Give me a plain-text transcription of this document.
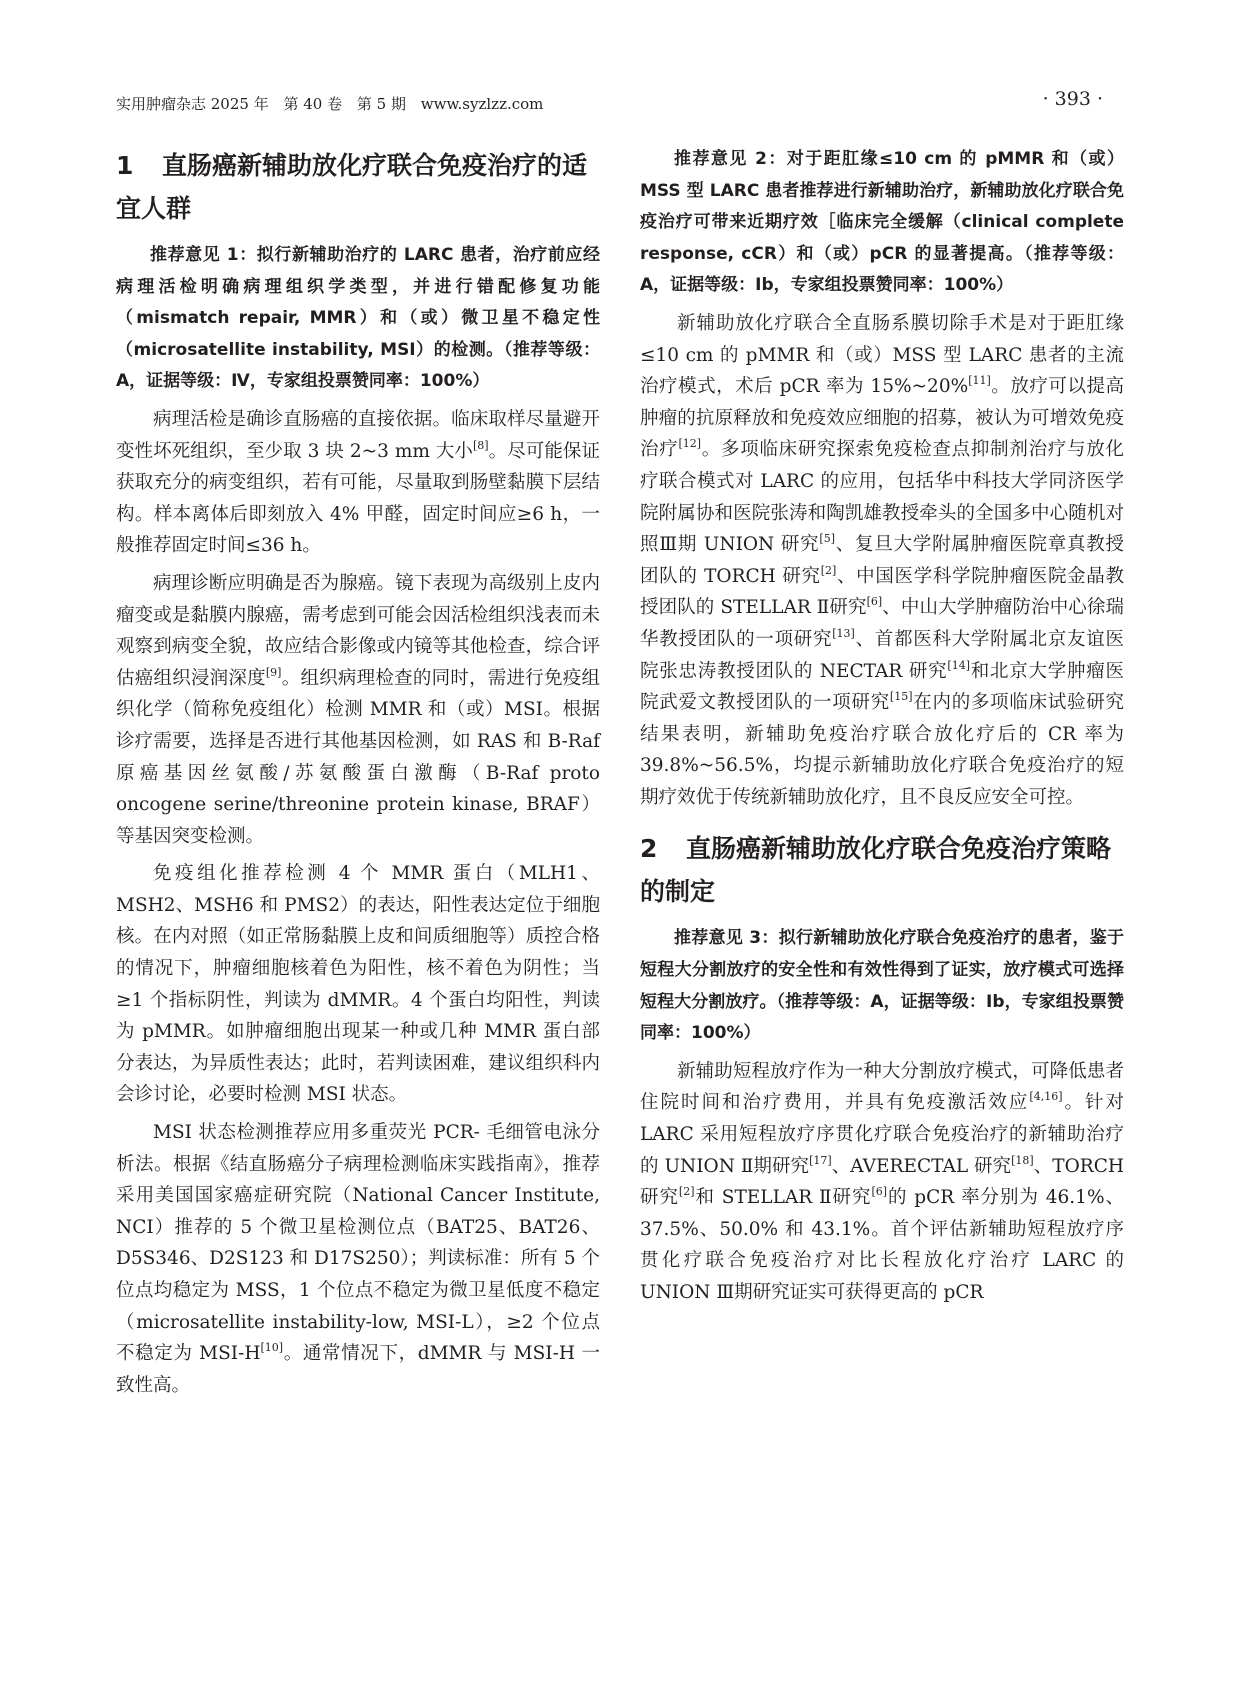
实用肿瘤杂志 2025 年 第 40 卷 第 5 期 www.syzlzz.com	· 393 ·
1 直肠癌新辅助放化疗联合免疫治疗的适宜人群

推荐意见 1：拟行新辅助治疗的 LARC 患者，治疗前应经病理活检明确病理组织学类型，并进行错配修复功能（mismatch repair, MMR）和（或）微卫星不稳定性（microsatellite instability, MSI）的检测。（推荐等级：A，证据等级：Ⅳ，专家组投票赞同率：100%）

病理活检是确诊直肠癌的直接依据。临床取样尽量避开变性坏死组织，至少取 3 块 2~3 mm 大小[8]。尽可能保证获取充分的病变组织，若有可能，尽量取到肠壁黏膜下层结构。样本离体后即刻放入 4% 甲醛，固定时间应≥6 h，一般推荐固定时间≤36 h。

病理诊断应明确是否为腺癌。镜下表现为高级别上皮内瘤变或是黏膜内腺癌，需考虑到可能会因活检组织浅表而未观察到病变全貌，故应结合影像或内镜等其他检查，综合评估癌组织浸润深度[9]。组织病理检查的同时，需进行免疫组织化学（简称免疫组化）检测 MMR 和（或）MSI。根据诊疗需要，选择是否进行其他基因检测，如 RAS 和 B-Raf 原癌基因丝氨酸/苏氨酸蛋白激酶（B-Raf proto oncogene serine/threonine protein kinase, BRAF）等基因突变检测。

免疫组化推荐检测 4 个 MMR 蛋白（MLH1、MSH2、MSH6 和 PMS2）的表达，阳性表达定位于细胞核。在内对照（如正常肠黏膜上皮和间质细胞等）质控合格的情况下，肿瘤细胞核着色为阳性，核不着色为阴性；当≥1 个指标阴性，判读为 dMMR。4 个蛋白均阳性，判读为 pMMR。如肿瘤细胞出现某一种或几种 MMR 蛋白部分表达，为异质性表达；此时，若判读困难，建议组织科内会诊讨论，必要时检测 MSI 状态。

MSI 状态检测推荐应用多重荧光 PCR- 毛细管电泳分析法。根据《结直肠癌分子病理检测临床实践指南》，推荐采用美国国家癌症研究院（National Cancer Institute, NCI）推荐的 5 个微卫星检测位点（BAT25、BAT26、D5S346、D2S123 和 D17S250）；判读标准：所有 5 个位点均稳定为 MSS，1 个位点不稳定为微卫星低度不稳定（microsatellite instability-low, MSI-L），≥2 个位点不稳定为 MSI-H[10]。通常情况下，dMMR 与 MSI-H 一致性高。

推荐意见 2：对于距肛缘≤10 cm 的 pMMR 和（或）MSS 型 LARC 患者推荐进行新辅助治疗，新辅助放化疗联合免疫治疗可带来近期疗效［临床完全缓解（clinical complete response, cCR）和（或）pCR 的显著提高。（推荐等级：A，证据等级：Ⅰb，专家组投票赞同率：100%）

新辅助放化疗联合全直肠系膜切除手术是对于距肛缘≤10 cm 的 pMMR 和（或）MSS 型 LARC 患者的主流治疗模式，术后 pCR 率为 15%~20%[11]。放疗可以提高肿瘤的抗原释放和免疫效应细胞的招募，被认为可增效免疫治疗[12]。多项临床研究探索免疫检查点抑制剂治疗与放化疗联合模式对 LARC 的应用，包括华中科技大学同济医学院附属协和医院张涛和陶凯雄教授牵头的全国多中心随机对照Ⅲ期 UNION 研究[5]、复旦大学附属肿瘤医院章真教授团队的 TORCH 研究[2]、中国医学科学院肿瘤医院金晶教授团队的 STELLAR Ⅱ研究[6]、中山大学肿瘤防治中心徐瑞华教授团队的一项研究[13]、首都医科大学附属北京友谊医院张忠涛教授团队的 NECTAR 研究[14]和北京大学肿瘤医院武爱文教授团队的一项研究[15]在内的多项临床试验研究结果表明，新辅助免疫治疗联合放化疗后的 CR 率为 39.8%~56.5%，均提示新辅助放化疗联合免疫治疗的短期疗效优于传统新辅助放化疗，且不良反应安全可控。

2 直肠癌新辅助放化疗联合免疫治疗策略的制定

推荐意见 3：拟行新辅助放化疗联合免疫治疗的患者，鉴于短程大分割放疗的安全性和有效性得到了证实，放疗模式可选择短程大分割放疗。（推荐等级：A，证据等级：Ⅰb，专家组投票赞同率：100%）

新辅助短程放疗作为一种大分割放疗模式，可降低患者住院时间和治疗费用，并具有免疫激活效应[4,16]。针对 LARC 采用短程放疗序贯化疗联合免疫治疗的新辅助治疗的 UNION Ⅱ期研究[17]、AVERECTAL 研究[18]、TORCH 研究[2]和 STELLAR Ⅱ研究[6]的 pCR 率分别为 46.1%、37.5%、50.0% 和 43.1%。首个评估新辅助短程放疗序贯化疗联合免疫治疗对比长程放化疗治疗 LARC 的 UNION Ⅲ期研究证实可获得更高的 pCR
